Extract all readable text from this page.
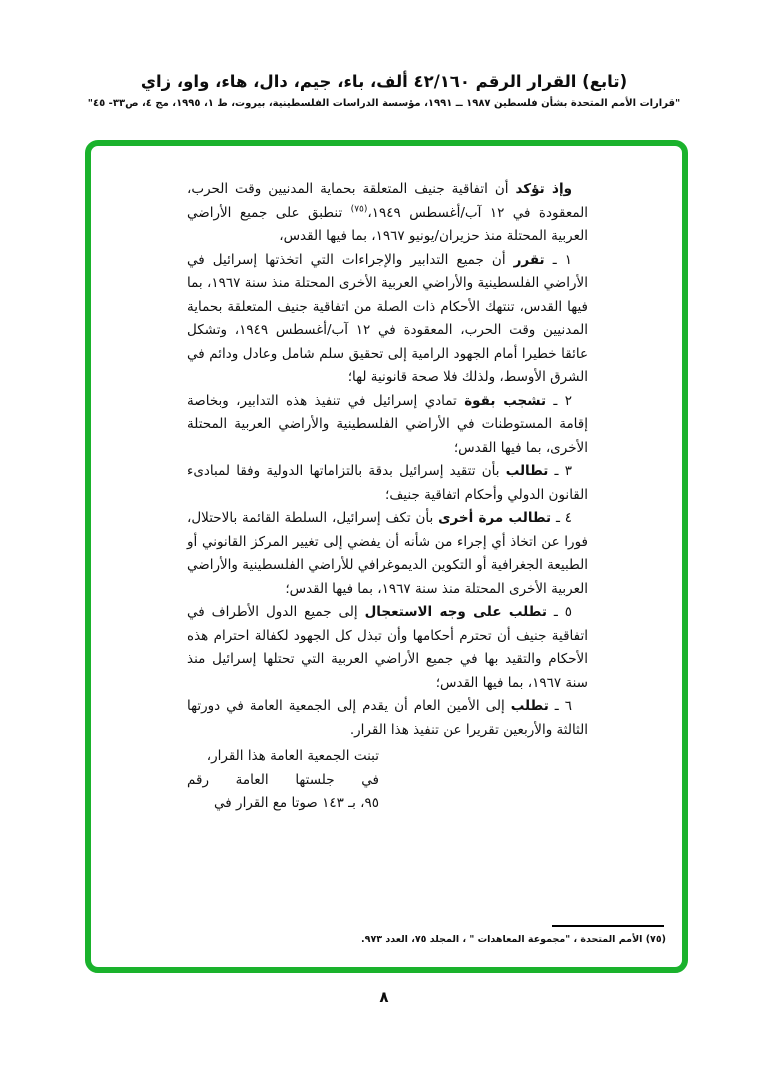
(تابع) القرار الرقم ٤٢/١٦٠ ألف، باء، جيم، دال، هاء، واو، زاي
"قرارات الأمم المتحدة بشأن فلسطين ١٩٨٧ ــ ١٩٩١، مؤسسة الدراسات الفلسطينية، بيروت، ط ١، ١٩٩٥، مج ٤، ص٣٣- ٤٥"

وإذ تؤكد أن اتفاقية جنيف المتعلقة بحماية المدنيين وقت الحرب، المعقودة في ١٢ آب/أغسطس ١٩٤٩،$^{(٧٥)}$ تنطبق على جميع الأراضي العربية المحتلة منذ حزيران/يونيو ١٩٦٧، بما فيها القدس،

١ ـ تقرر أن جميع التدابير والإجراءات التي اتخذتها إسرائيل في الأراضي الفلسطينية والأراضي العربية الأخرى المحتلة منذ سنة ١٩٦٧، بما فيها القدس، تنتهك الأحكام ذات الصلة من اتفاقية جنيف المتعلقة بحماية المدنيين وقت الحرب، المعقودة في ١٢ آب/أغسطس ١٩٤٩، وتشكل عائقا خطيرا أمام الجهود الرامية إلى تحقيق سلم شامل وعادل ودائم في الشرق الأوسط، ولذلك فلا صحة قانونية لها؛

٢ ـ تشجب بقوة تمادي إسرائيل في تنفيذ هذه التدابير، وبخاصة إقامة المستوطنات في الأراضي الفلسطينية والأراضي العربية المحتلة الأخرى، بما فيها القدس؛

٣ ـ تطالب بأن تتقيد إسرائيل بدقة بالتزاماتها الدولية وفقا لمبادىء القانون الدولي وأحكام اتفاقية جنيف؛

٤ ـ تطالب مرة أخرى بأن تكف إسرائيل، السلطة القائمة بالاحتلال، فورا عن اتخاذ أي إجراء من شأنه أن يفضي إلى تغيير المركز القانوني أو الطبيعة الجغرافية أو التكوين الديموغرافي للأراضي الفلسطينية والأراضي العربية الأخرى المحتلة منذ سنة ١٩٦٧، بما فيها القدس؛

٥ ـ تطلب على وجه الاستعجال إلى جميع الدول الأطراف في اتفاقية جنيف أن تحترم أحكامها وأن تبذل كل الجهود لكفالة احترام هذه الأحكام والتقيد بها في جميع الأراضي العربية التي تحتلها إسرائيل منذ سنة ١٩٦٧، بما فيها القدس؛

٦ ـ تطلب إلى الأمين العام أن يقدم إلى الجمعية العامة في دورتها الثالثة والأربعين تقريرا عن تنفيذ هذا القرار.

تبنت الجمعية العامة هذا القرار،
في جلستها العامة رقم
٩٥، بـ ١٤٣ صوتا مع القرار في
(٧٥) الأمم المتحدة ، "مجموعة المعاهدات " ، المجلد ٧٥، العدد ٩٧٣.
٨
